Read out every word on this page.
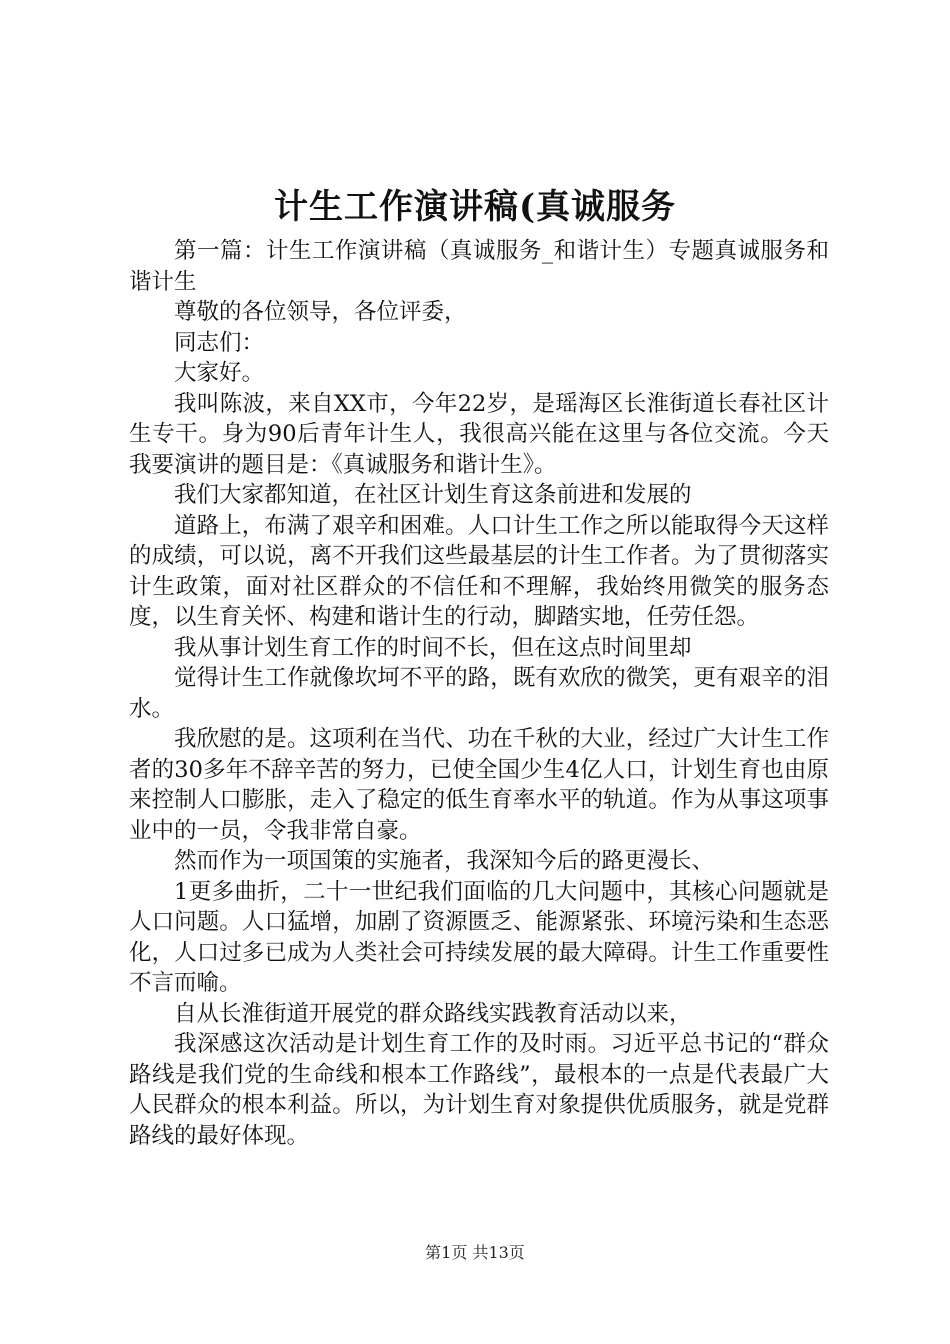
计生工作演讲稿(真诚服务

第一篇：计生工作演讲稿（真诚服务_和谐计生）专题真诚服务和谐计生

尊敬的各位领导，各位评委，

同志们：

大家好。

我叫陈波，来自XX市，今年22岁，是瑶海区长淮街道长春社区计生专干。身为90后青年计生人，我很高兴能在这里与各位交流。今天我要演讲的题目是：《真诚服务和谐计生》。

我们大家都知道，在社区计划生育这条前进和发展的

道路上，布满了艰辛和困难。人口计生工作之所以能取得今天这样的成绩，可以说，离不开我们这些最基层的计生工作者。为了贯彻落实计生政策，面对社区群众的不信任和不理解，我始终用微笑的服务态度，以生育关怀、构建和谐计生的行动，脚踏实地，任劳任怨。

我从事计划生育工作的时间不长，但在这点时间里却

觉得计生工作就像坎坷不平的路，既有欢欣的微笑，更有艰辛的泪水。

我欣慰的是。这项利在当代、功在千秋的大业，经过广大计生工作者的30多年不辞辛苦的努力，已使全国少生4亿人口，计划生育也由原来控制人口膨胀，走入了稳定的低生育率水平的轨道。作为从事这项事业中的一员，令我非常自豪。

然而作为一项国策的实施者，我深知今后的路更漫长、

1更多曲折，二十一世纪我们面临的几大问题中，其核心问题就是人口问题。人口猛增，加剧了资源匮乏、能源紧张、环境污染和生态恶化，人口过多已成为人类社会可持续发展的最大障碍。计生工作重要性不言而喻。

自从长淮街道开展党的群众路线实践教育活动以来，

我深感这次活动是计划生育工作的及时雨。习近平总书记的“群众路线是我们党的生命线和根本工作路线”，最根本的一点是代表最广大人民群众的根本利益。所以，为计划生育对象提供优质服务，就是党群路线的最好体现。

第1页 共13页
